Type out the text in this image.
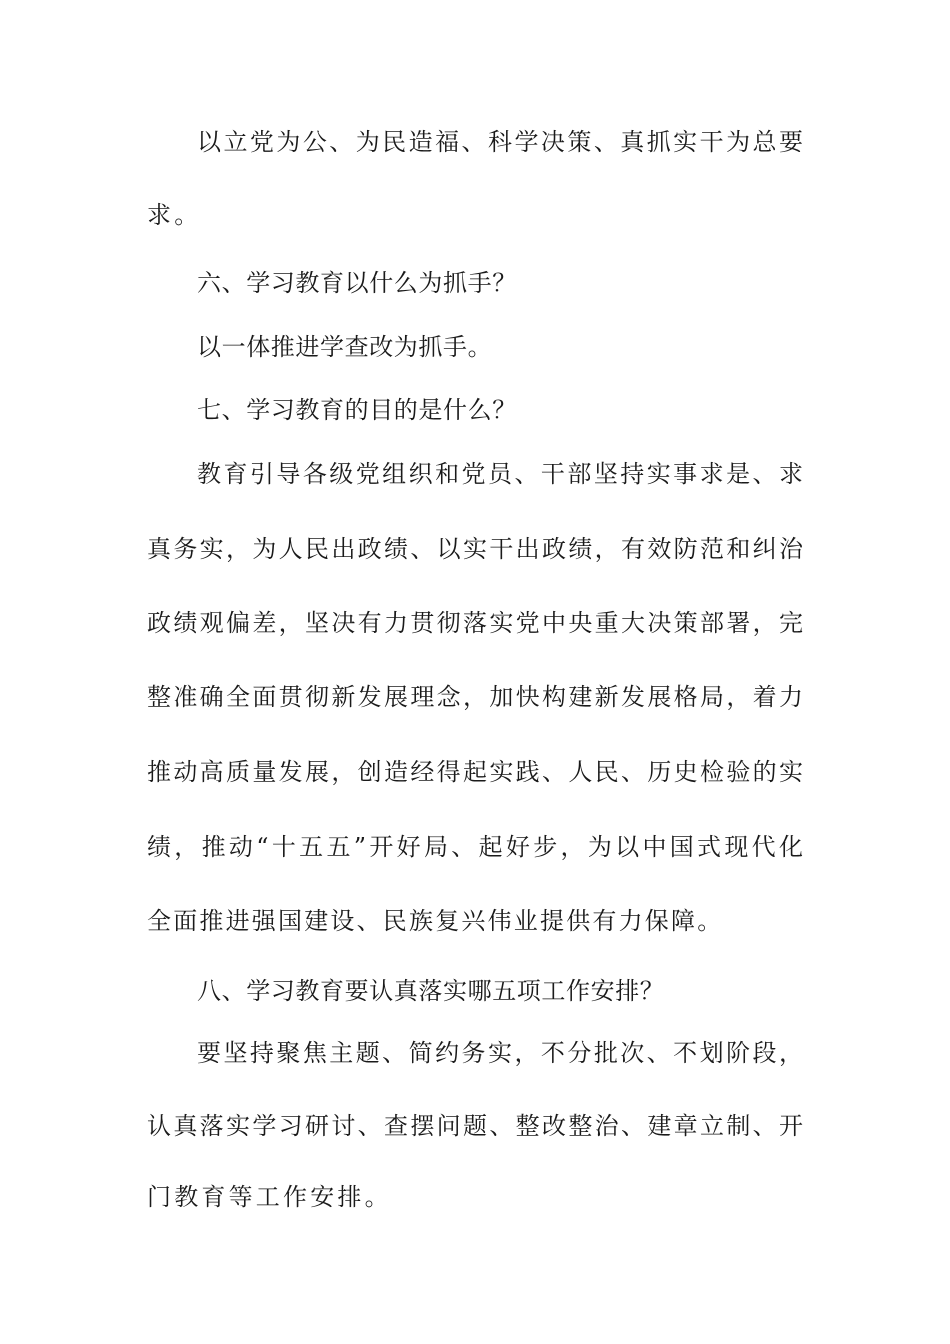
以立党为公、为民造福、科学决策、真抓实干为总要
求。
六、学习教育以什么为抓手？
以一体推进学查改为抓手。
七、学习教育的目的是什么？
教育引导各级党组织和党员、干部坚持实事求是、求
真务实，为人民出政绩、以实干出政绩，有效防范和纠治
政绩观偏差，坚决有力贯彻落实党中央重大决策部署，完
整准确全面贯彻新发展理念，加快构建新发展格局，着力
推动高质量发展，创造经得起实践、人民、历史检验的实
绩，推动“十五五”开好局、起好步，为以中国式现代化
全面推进强国建设、民族复兴伟业提供有力保障。
八、学习教育要认真落实哪五项工作安排？
要坚持聚焦主题、简约务实，不分批次、不划阶段，
认真落实学习研讨、查摆问题、整改整治、建章立制、开
门教育等工作安排。
